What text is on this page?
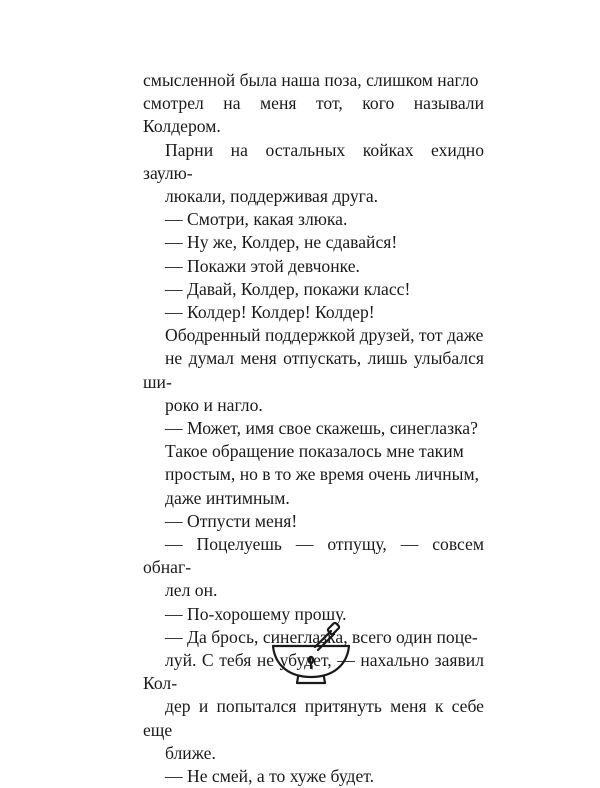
смысленной была наша поза, слишком нагло
смотрел на меня тот, кого называли Колдером.

Парни на остальных койках ехидно заулю-
люкали, поддерживая друга.

— Смотри, какая злюка.

— Ну же, Колдер, не сдавайся!

— Покажи этой девчонке.

— Давай, Колдер, покажи класс!

— Колдер! Колдер! Колдер!

Ободренный поддержкой друзей, тот даже
не думал меня отпускать, лишь улыбался ши-
роко и нагло.

— Может, имя свое скажешь, синеглазка?

Такое обращение показалось мне таким
простым, но в то же время очень личным,
даже интимным.

— Отпусти меня!

— Поцелуешь — отпущу, — совсем обнаг-
лел он.

— По-хорошему прошу.

— Да брось, синеглазка, всего один поце-
луй. С тебя не убудет, — нахально заявил Кол-
дер и попытался притянуть меня к себе еще
ближе.

— Не смей, а то хуже будет.
